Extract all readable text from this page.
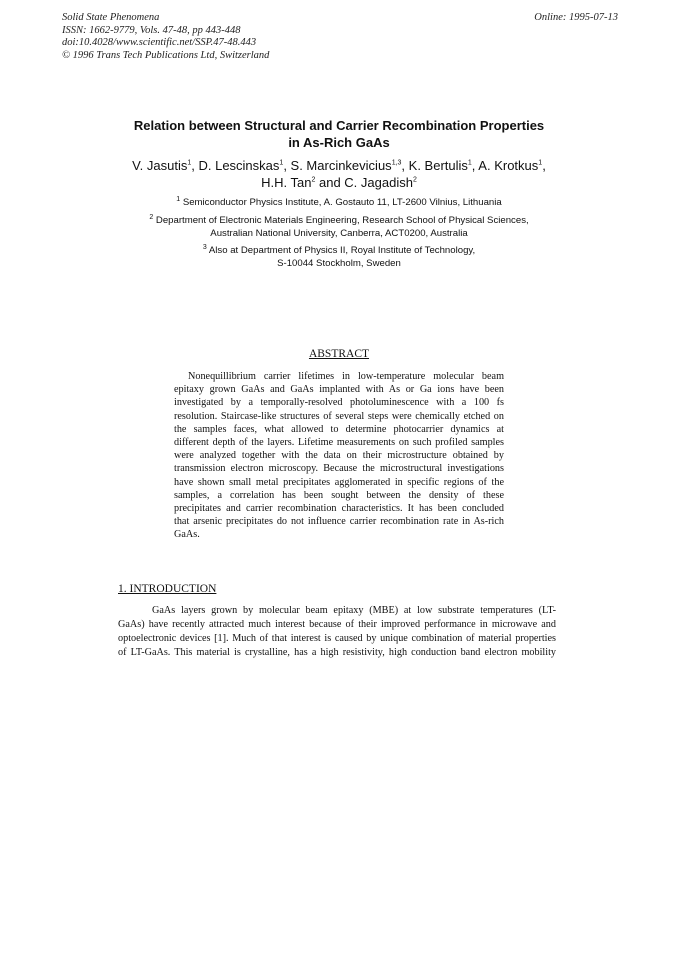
Solid State Phenomena
ISSN: 1662-9779, Vols. 47-48, pp 443-448
doi:10.4028/www.scientific.net/SSP.47-48.443
© 1996 Trans Tech Publications Ltd, Switzerland
Online: 1995-07-13
Relation between Structural and Carrier Recombination Properties
in As-Rich GaAs
V. Jasutis$^1$, D. Lescinskas$^1$, S. Marcinkevicius$^{1,3}$, K. Bertulis$^1$, A. Krotkus$^1$,
H.H. Tan$^2$ and C. Jagadish$^2$
$^1$ Semiconductor Physics Institute, A. Gostauto 11, LT-2600 Vilnius, Lithuania
$^2$ Department of Electronic Materials Engineering, Research School of Physical Sciences,
Australian National University, Canberra, ACT0200, Australia
$^3$ Also at Department of Physics II, Royal Institute of Technology,
S-10044 Stockholm, Sweden
ABSTRACT
Nonequillibrium carrier lifetimes in low-temperature molecular beam
epitaxy grown GaAs and GaAs implanted with As or Ga ions have been
investigated by a temporally-resolved photoluminescence with a 100 fs
resolution. Staircase-like structures of several steps were chemically etched on
the samples faces, what allowed to determine photocarrier dynamics at
different depth of the layers. Lifetime measurements on such profiled samples
were analyzed together with the data on their microstructure obtained by
transmission electron microscopy. Because the microstructural investigations
have shown small metal precipitates agglomerated in specific regions of the
samples, a correlation has been sought between the density of these
precipitates and carrier recombination characteristics. It has been concluded
that arsenic precipitates do not influence carrier recombination rate in As-rich
GaAs.
1. INTRODUCTION
GaAs layers grown by molecular beam epitaxy (MBE) at low substrate temperatures (LT-
GaAs) have recently attracted much interest because of their improved performance in microwave and
optoelectronic devices [1]. Much of that interest is caused by unique combination of material properties
of LT-GaAs. This material is crystalline, has a high resistivity, high conduction band electron mobility
